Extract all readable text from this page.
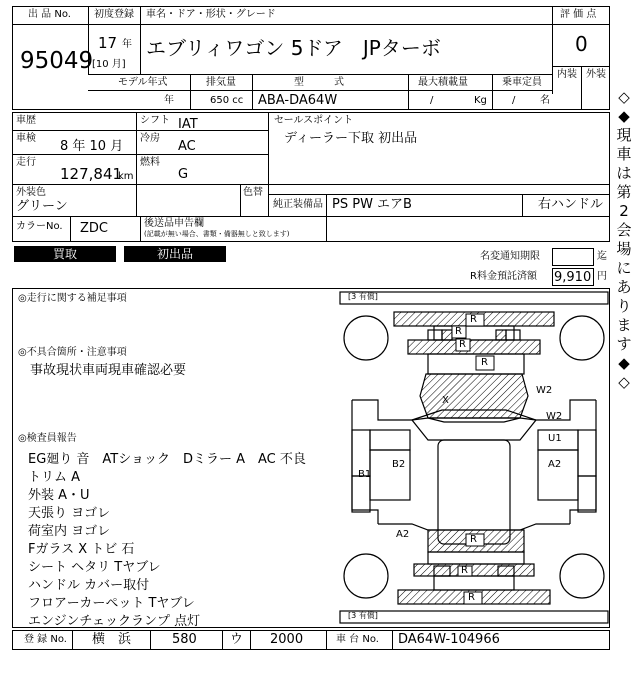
出 品 No.
95049
初度登録
17 年
[10 月]
車名・ドア・形状・グレード
エブリィワゴン 5ドア　JPターボ
評 価 点
0
内装 外装
モデル年式	排気量	型　　　式	最大積載量	乗車定員
年	650 cc ABA-DA64W	/	Kg	/ 名
車歴
車検
8 年 10 月
走行
127,841
km
シフト IAT
冷房
AC
燃料
G
セールスポイント
ディーラー下取 初出品
外装色
グリーン
色替
純正装備品 PS PW エアB	右ハンドル
カラーNo. ZDC	後送品申告欄
(記載が無い場合、書類・備器無しと致します)
買取	初出品	名変通知期限	迄
R料金預託済額 9,910 円
◎走行に関する補足事項
◎不具合箇所・注意事項
事故現状車両現車確認必要
◎検査員報告
EG廻り 音　ATショック　Dミラー A　AC 不良
トリム A
外装 A・U
天張り ヨゴレ
荷室内 ヨゴレ
Fガラス X トビ 石
シート ヘタリ Tヤブレ
ハンドル カバー取付
フロアーカーペット Tヤブレ
エンジンチェックランプ 点灯
[3 有償]
[3 有償]
R
R
R
R
X
W2
W2
U1
A2
B1
B2
A2	R
R
R
登 録 No. 横　浜	580	ウ 2000	車 台 No. DA64W-104966
◇
◆
現
車
は
第
2
会
場
に
あ
り
ま
す
◆
◇
